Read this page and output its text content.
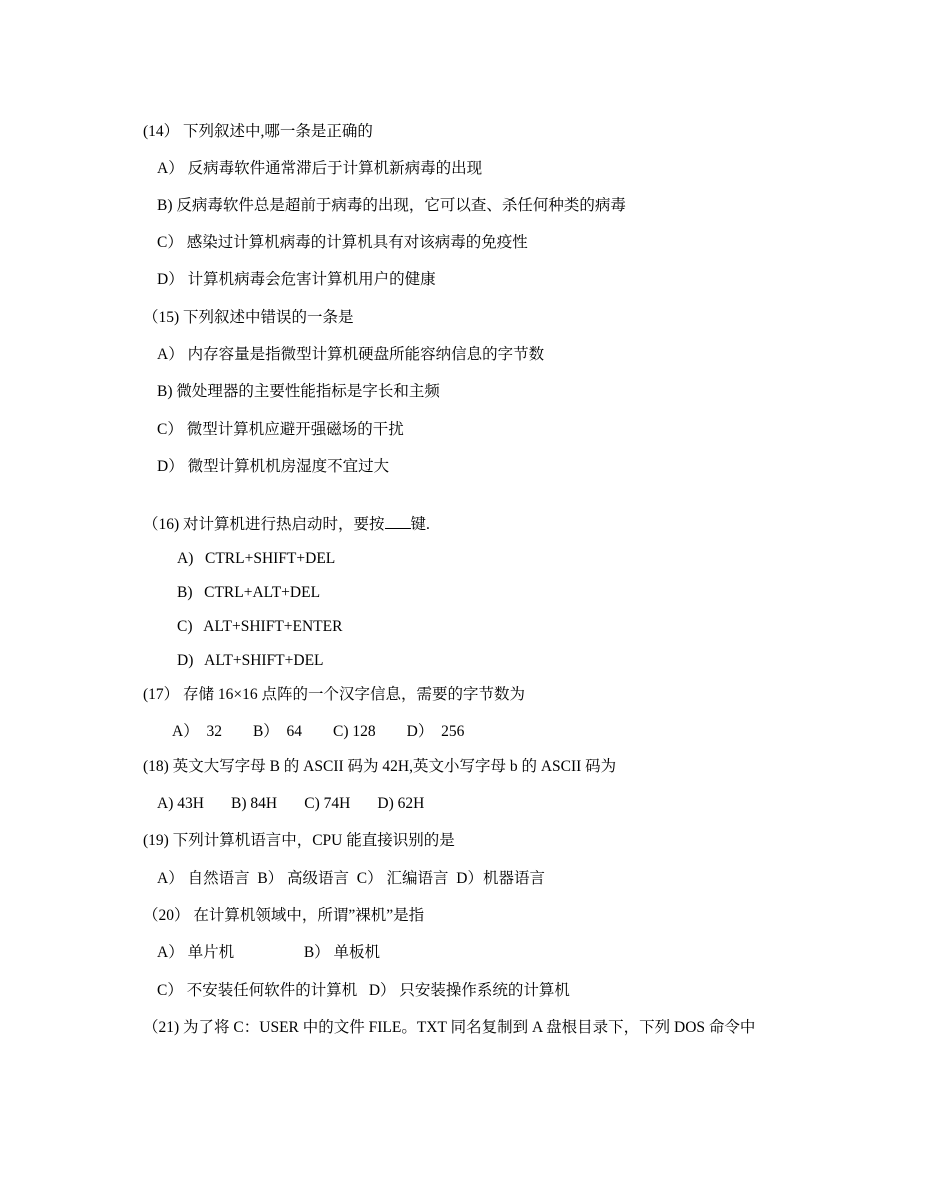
(14） 下列叙述中,哪一条是正确的
A） 反病毒软件通常滞后于计算机新病毒的出现
B) 反病毒软件总是超前于病毒的出现，它可以查、杀任何种类的病毒
C） 感染过计算机病毒的计算机具有对该病毒的免疫性
D） 计算机病毒会危害计算机用户的健康
（15) 下列叙述中错误的一条是
A） 内存容量是指微型计算机硬盘所能容纳信息的字节数
B) 微处理器的主要性能指标是字长和主频
C） 微型计算机应避开强磁场的干扰
D） 微型计算机机房湿度不宜过大
（16) 对计算机进行热启动时，要按 键.
A)   CTRL+SHIFT+DEL
B)   CTRL+ALT+DEL
C)   ALT+SHIFT+ENTER
D)   ALT+SHIFT+DEL
(17） 存储 16×16 点阵的一个汉字信息，需要的字节数为
A）  32        B）  64        C) 128        D）  256
(18) 英文大写字母 B 的 ASCII 码为 42H,英文小写字母 b 的 ASCII 码为
A) 43H       B) 84H       C) 74H       D) 62H
(19) 下列计算机语言中，CPU 能直接识别的是
A） 自然语言  B） 高级语言  C） 汇编语言  D）机器语言
（20） 在计算机领域中，所谓”裸机”是指
A） 单片机                  B） 单板机
C） 不安装任何软件的计算机   D） 只安装操作系统的计算机
（21) 为了将 C：USER 中的文件 FILE。TXT 同名复制到 A 盘根目录下，下列 DOS 命令中
